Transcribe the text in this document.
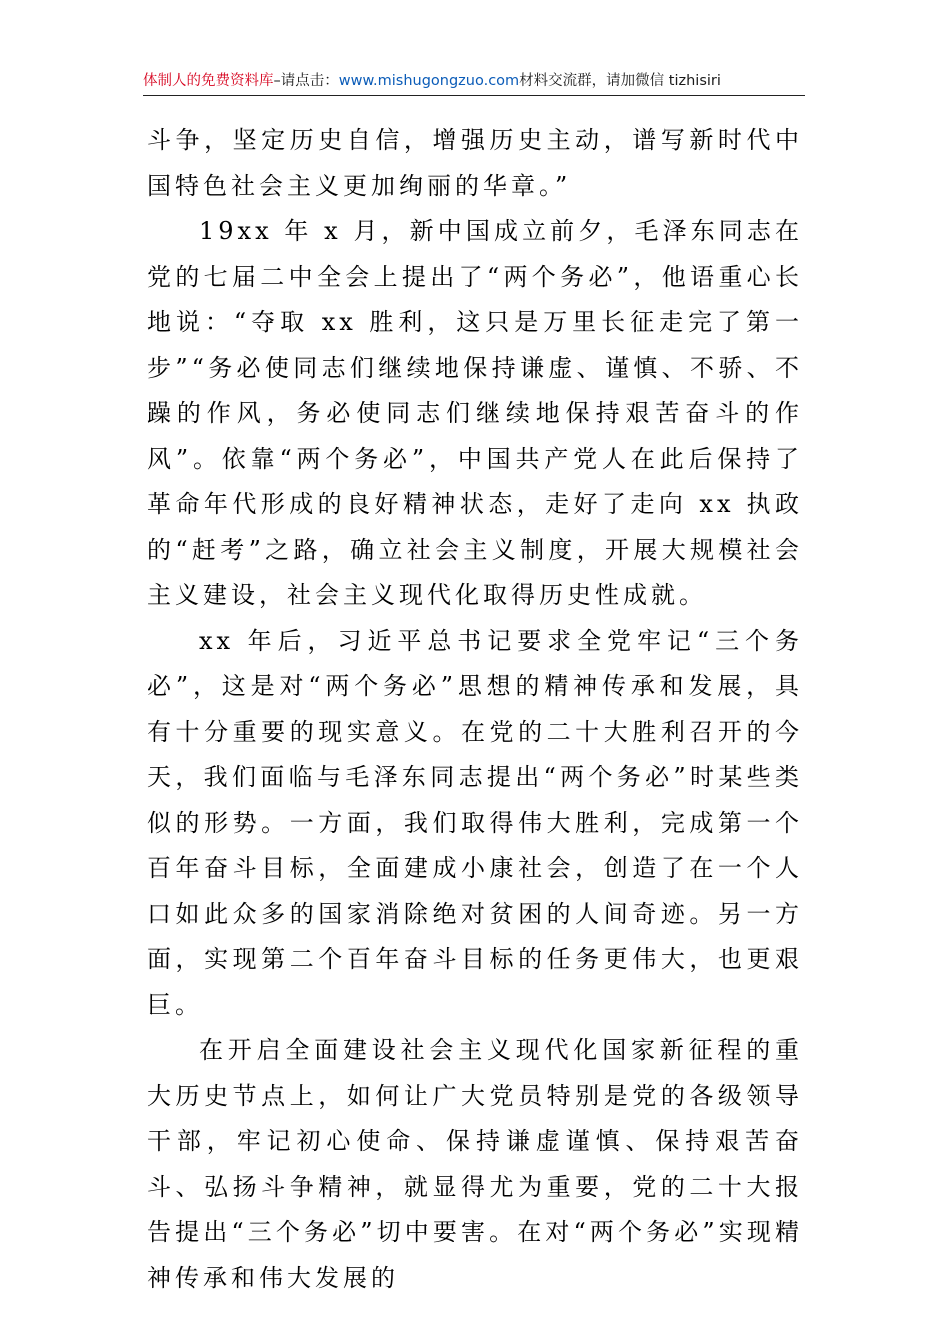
体制人的免费资料库–请点击：www.mishugongzuo.com材料交流群，请加微信 tizhisiri

斗争，坚定历史自信，增强历史主动，谱写新时代中国特色社会主义更加绚丽的华章。”

19xx 年 x 月，新中国成立前夕，毛泽东同志在党的七届二中全会上提出了“两个务必”，他语重心长地说：“夺取 xx 胜利，这只是万里长征走完了第一步”“务必使同志们继续地保持谦虚、谨慎、不骄、不躁的作风，务必使同志们继续地保持艰苦奋斗的作风”。依靠“两个务必”，中国共产党人在此后保持了革命年代形成的良好精神状态，走好了走向 xx 执政的“赶考”之路，确立社会主义制度，开展大规模社会主义建设，社会主义现代化取得历史性成就。

xx 年后，习近平总书记要求全党牢记“三个务必”，这是对“两个务必”思想的精神传承和发展，具有十分重要的现实意义。在党的二十大胜利召开的今天，我们面临与毛泽东同志提出“两个务必”时某些类似的形势。一方面，我们取得伟大胜利，完成第一个百年奋斗目标，全面建成小康社会，创造了在一个人口如此众多的国家消除绝对贫困的人间奇迹。另一方面，实现第二个百年奋斗目标的任务更伟大，也更艰巨。

在开启全面建设社会主义现代化国家新征程的重大历史节点上，如何让广大党员特别是党的各级领导干部，牢记初心使命、保持谦虚谨慎、保持艰苦奋斗、弘扬斗争精神，就显得尤为重要，党的二十大报告提出“三个务必”切中要害。在对“两个务必”实现精神传承和伟大发展的
